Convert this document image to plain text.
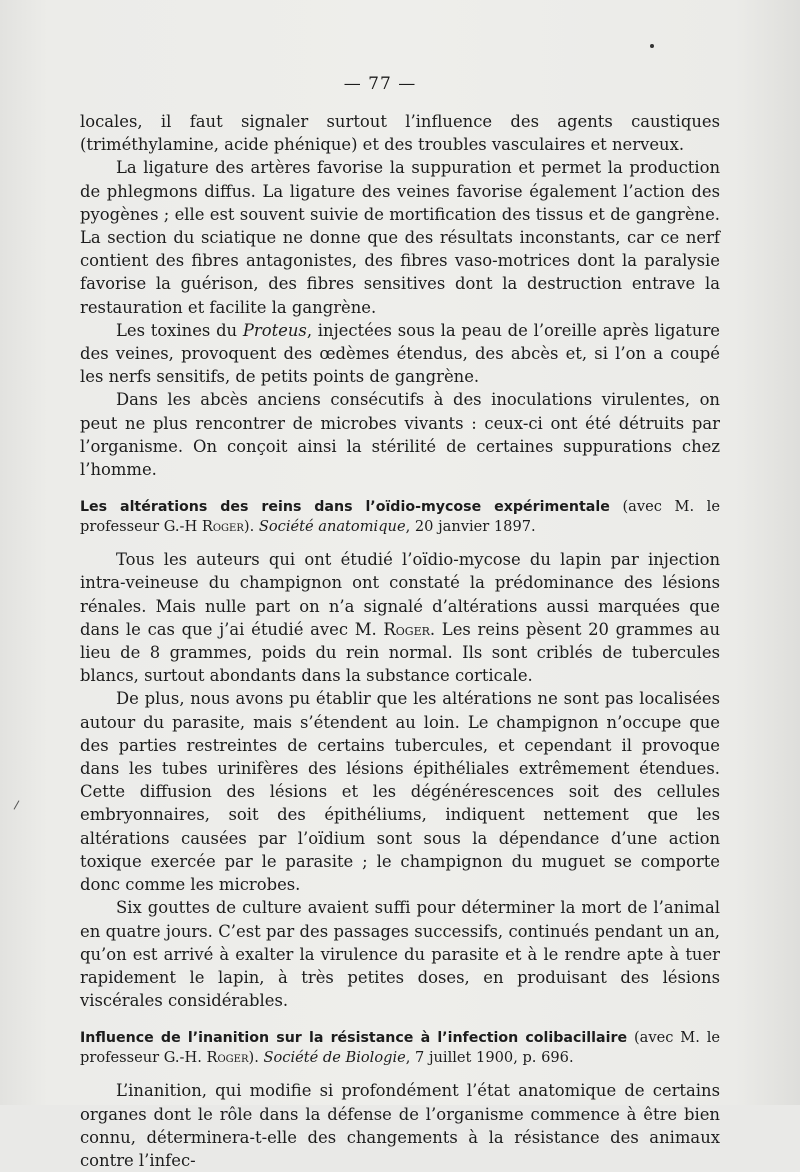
— 77 —

locales, il faut signaler surtout l’influence des agents caustiques (triméthylamine, acide phénique) et des troubles vasculaires et nerveux.

La ligature des artères favorise la suppuration et permet la production de phlegmons diffus. La ligature des veines favorise également l’action des pyogènes ; elle est souvent suivie de mortification des tissus et de gangrène. La section du sciatique ne donne que des résultats inconstants, car ce nerf contient des fibres antagonistes, des fibres vaso-motrices dont la paralysie favorise la guérison, des fibres sensitives dont la destruction entrave la restauration et facilite la gangrène.

Les toxines du Proteus, injectées sous la peau de l’oreille après ligature des veines, provoquent des œdèmes étendus, des abcès et, si l’on a coupé les nerfs sensitifs, de petits points de gangrène.

Dans les abcès anciens consécutifs à des inoculations virulentes, on peut ne plus rencontrer de microbes vivants : ceux-ci ont été détruits par l’organisme. On conçoit ainsi la stérilité de certaines suppurations chez l’homme.

Les altérations des reins dans l’oïdio-mycose expérimentale (avec M. le professeur G.-H Roger). Société anatomique, 20 janvier 1897.

Tous les auteurs qui ont étudié l’oïdio-mycose du lapin par injection intra-veineuse du champignon ont constaté la prédominance des lésions rénales. Mais nulle part on n’a signalé d’altérations aussi marquées que dans le cas que j’ai étudié avec M. Roger. Les reins pèsent 20 grammes au lieu de 8 grammes, poids du rein normal. Ils sont criblés de tubercules blancs, surtout abondants dans la substance corticale.

De plus, nous avons pu établir que les altérations ne sont pas localisées autour du parasite, mais s’étendent au loin. Le champignon n’occupe que des parties restreintes de certains tubercules, et cependant il provoque dans les tubes urinifères des lésions épithéliales extrêmement étendues. Cette diffusion des lésions et les dégénérescences soit des cellules embryonnaires, soit des épithéliums, indiquent nettement que les altérations causées par l’oïdium sont sous la dépendance d’une action toxique exercée par le parasite ; le champignon du muguet se comporte donc comme les microbes.

Six gouttes de culture avaient suffi pour déterminer la mort de l’animal en quatre jours. C’est par des passages successifs, continués pendant un an, qu’on est arrivé à exalter la virulence du parasite et à le rendre apte à tuer rapidement le lapin, à très petites doses, en produisant des lésions viscérales considérables.

Influence de l’inanition sur la résistance à l’infection colibacillaire (avec M. le professeur G.-H. Roger). Société de Biologie, 7 juillet 1900, p. 696.

L’inanition, qui modifie si profondément l’état anatomique de certains organes dont le rôle dans la défense de l’organisme commence à être bien connu, déterminera-t-elle des changements à la résistance des animaux contre l’infec-
